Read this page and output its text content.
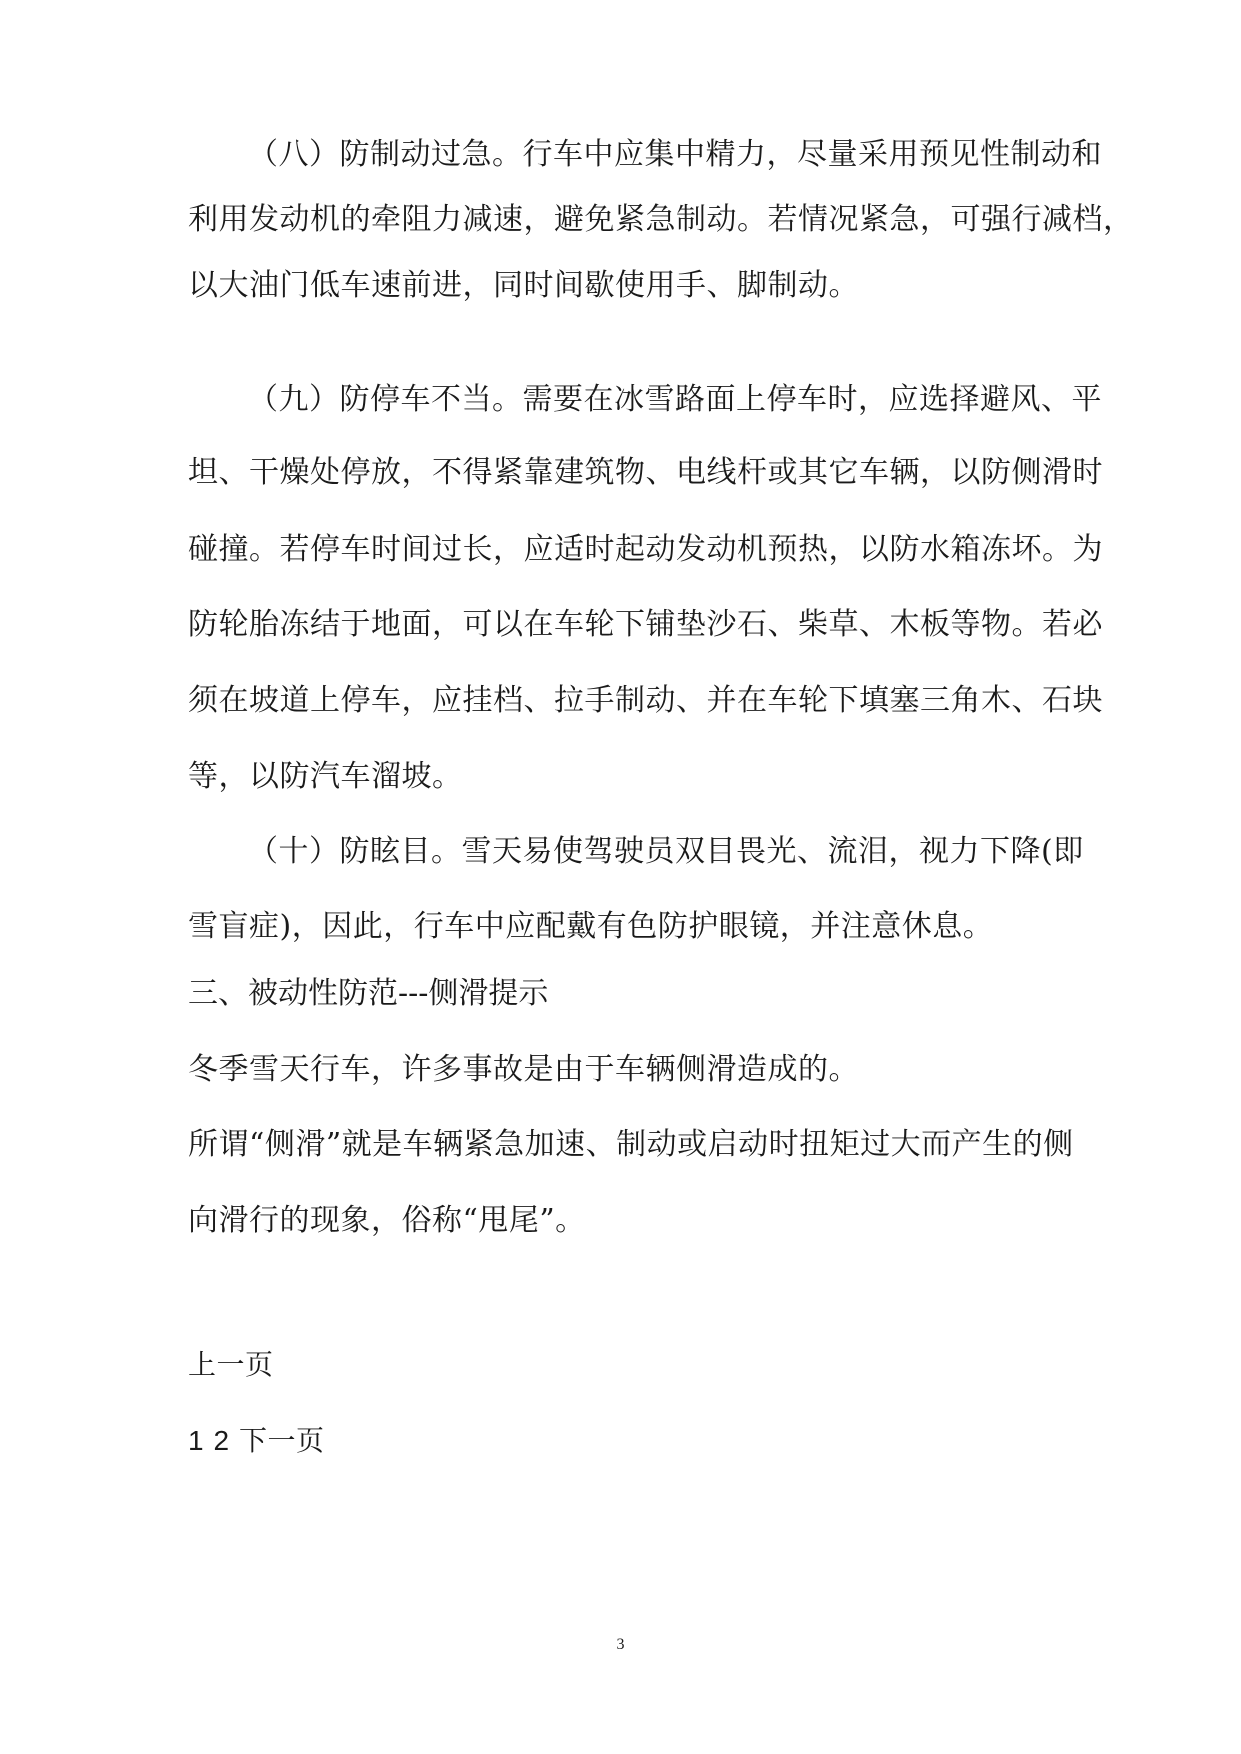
（八）防制动过急。行车中应集中精力，尽量采用预见性制动和
利用发动机的牵阻力减速，避免紧急制动。若情况紧急，可强行减档，
以大油门低车速前进，同时间歇使用手、脚制动。
（九）防停车不当。需要在冰雪路面上停车时，应选择避风、平
坦、干燥处停放，不得紧靠建筑物、电线杆或其它车辆，以防侧滑时
碰撞。若停车时间过长，应适时起动发动机预热，以防水箱冻坏。为
防轮胎冻结于地面，可以在车轮下铺垫沙石、柴草、木板等物。若必
须在坡道上停车，应挂档、拉手制动、并在车轮下填塞三角木、石块
等，以防汽车溜坡。
（十）防眩目。雪天易使驾驶员双目畏光、流泪，视力下降(即
雪盲症)，因此，行车中应配戴有色防护眼镜，并注意休息。
三、被动性防范---侧滑提示
冬季雪天行车，许多事故是由于车辆侧滑造成的。
所谓“侧滑”就是车辆紧急加速、制动或启动时扭矩过大而产生的侧
向滑行的现象，俗称“甩尾”。
上一页
1 2 下一页
3
